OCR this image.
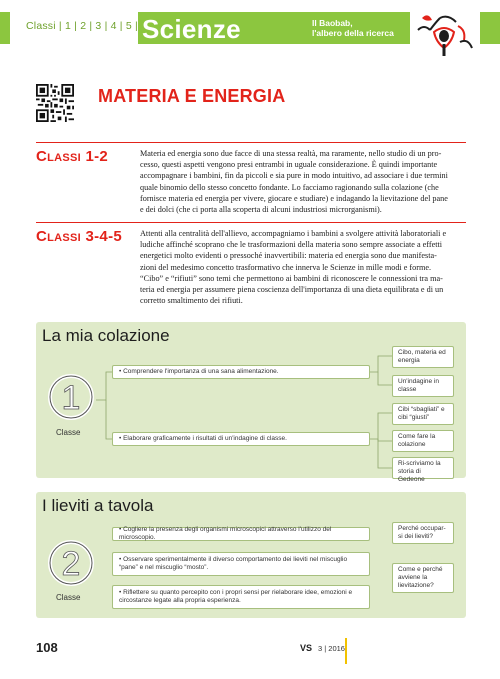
Classi | 1 | 2 | 3 | 4 | 5 | Scienze	Il Baobab,
l'albero della ricerca
MATERIA E ENERGIA
Classi 1-2	Materia ed energia sono due facce di una stessa realtà, ma raramente, nello studio di un pro-
cesso, questi aspetti vengono presi entrambi in uguale considerazione. È quindi importante
accompagnare i bambini, fin da piccoli e sia pure in modo intuitivo, ad associare i due termini
quale binomio dello stesso concetto fondante. Lo facciamo ragionando sulla colazione (che
fornisce materia ed energia per vivere, giocare e studiare) e indagando la lievitazione del pane
e dei dolci (che ci porta alla scoperta di alcuni industriosi microrganismi).
Classi 3-4-5 Attenti alla centralità dell'allievo, accompagniamo i bambini a svolgere attività laboratoriali e
ludiche affinché scoprano che le trasformazioni della materia sono sempre associate a effetti
energetici molto evidenti o pressoché inavvertibili: materia ed energia sono due manifesta-
zioni del medesimo concetto trasformativo che innerva le Scienze in mille modi e forme.
“Cibo” e “rifiuti” sono temi che permettono ai bambini di riconoscere le connessioni tra ma-
teria ed energia per assumere piena coscienza dell'importanza di una dieta equilibrata e di un
corretto smaltimento dei rifiuti.
La mia colazione
1
Classe
• Comprendere l'importanza di una sana alimentazione.
• Elaborare graficamente i risultati di un'indagine di classe.
Cibo, materia ed energia
Un'indagine in classe
Cibi “sbagliati” e cibi “giusti”
Come fare la colazione
Ri-scriviamo la storia di Gedeone
I lieviti a tavola
2
Classe
• Cogliere la presenza degli organismi microscopici attraverso l'utilizzo del microscopio.
• Osservare sperimentalmente il diverso comportamento dei lieviti nel miscuglio “pane” e nel miscuglio “mosto”.
• Riflettere su quanto percepito con i propri sensi per rielaborare idee, emozioni e circostanze legate alla propria esperienza.
Perché occuparsi dei lieviti?
Come e perché avviene la lievitazione?
108	VS 3 | 2016
